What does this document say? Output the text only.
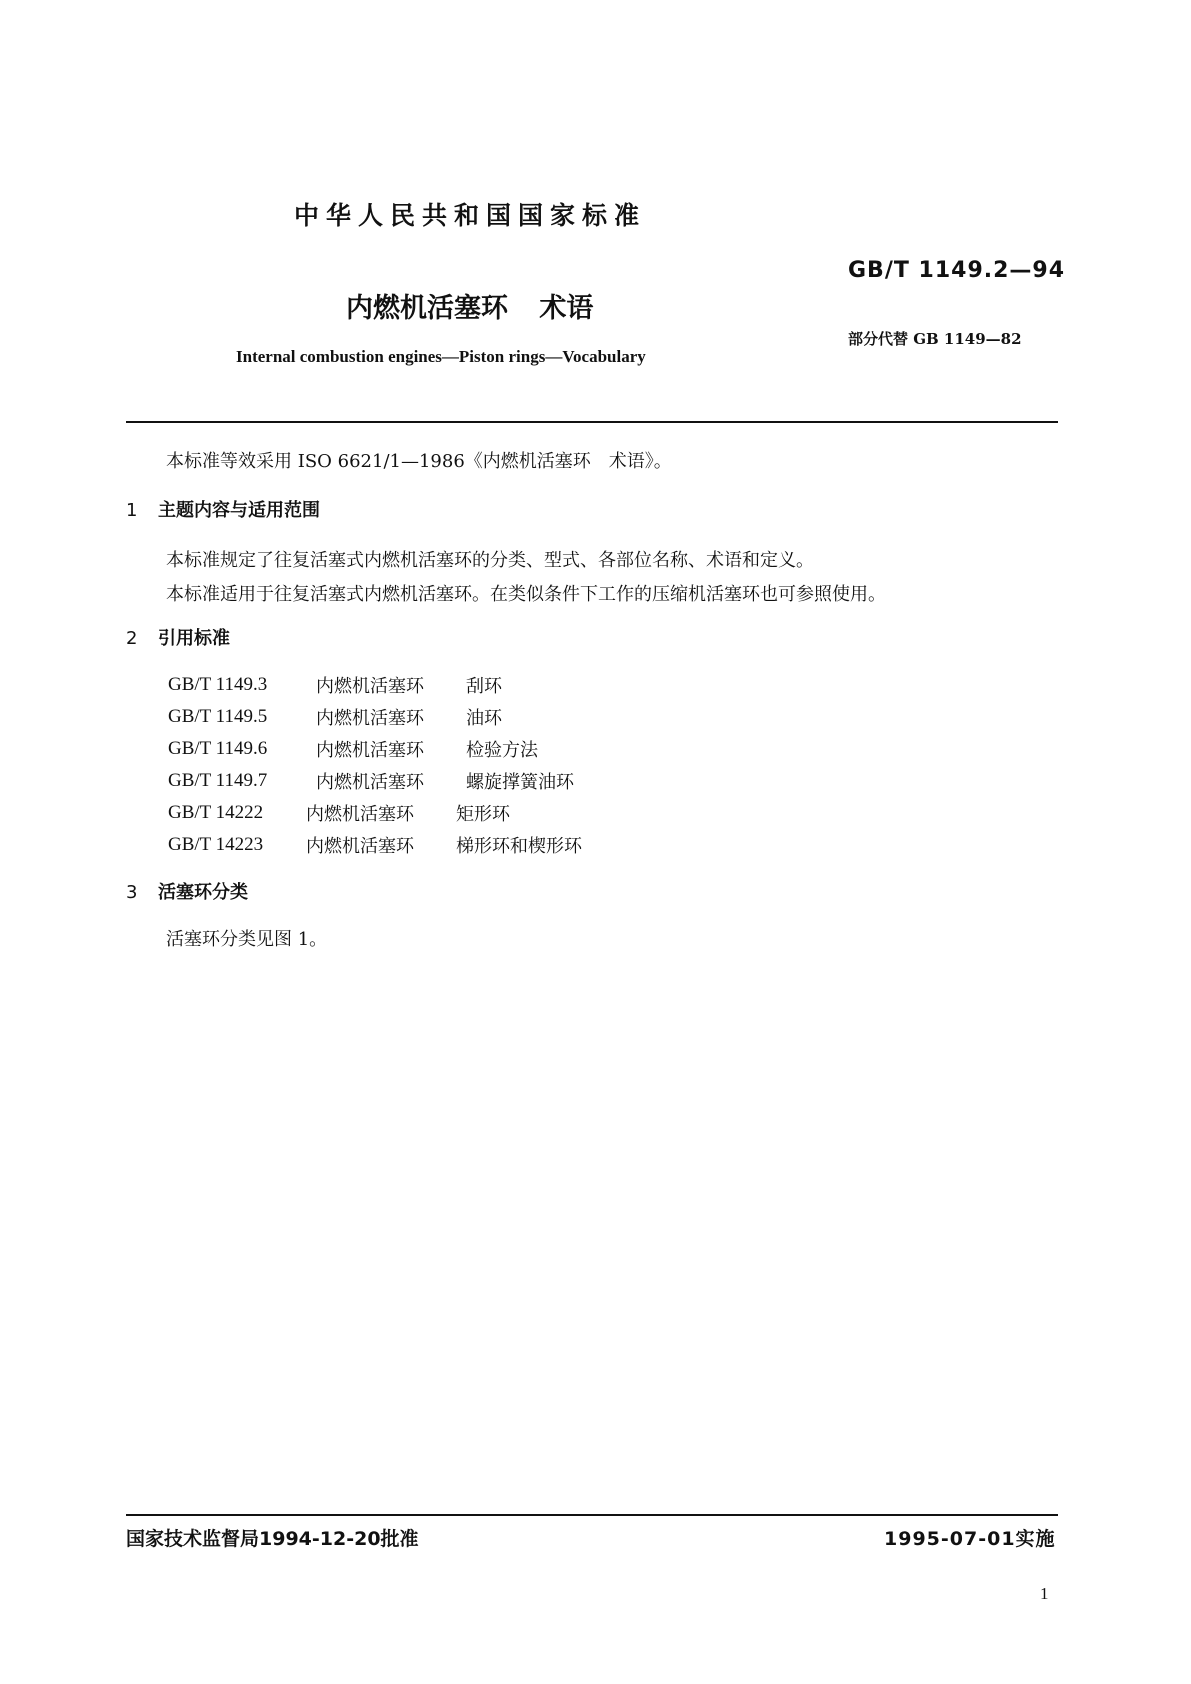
中华人民共和国国家标准
GB/T 1149.2—94
内燃机活塞环 术语
部分代替 GB 1149—82
Internal combustion engines—Piston rings—Vocabulary
本标准等效采用 ISO 6621/1—1986《内燃机活塞环　术语》。
1 主题内容与适用范围
本标准规定了往复活塞式内燃机活塞环的分类、型式、各部位名称、术语和定义。
本标准适用于往复活塞式内燃机活塞环。在类似条件下工作的压缩机活塞环也可参照使用。
2 引用标准
GB/T 1149.3	内燃机活塞环	刮环
GB/T 1149.5	内燃机活塞环	油环
GB/T 1149.6	内燃机活塞环	检验方法
GB/T 1149.7	内燃机活塞环	螺旋撑簧油环
GB/T 14222	内燃机活塞环	矩形环
GB/T 14223	内燃机活塞环	梯形环和楔形环
3 活塞环分类
活塞环分类见图 1。
国家技术监督局1994-12-20批准	1995-07-01实施
1
